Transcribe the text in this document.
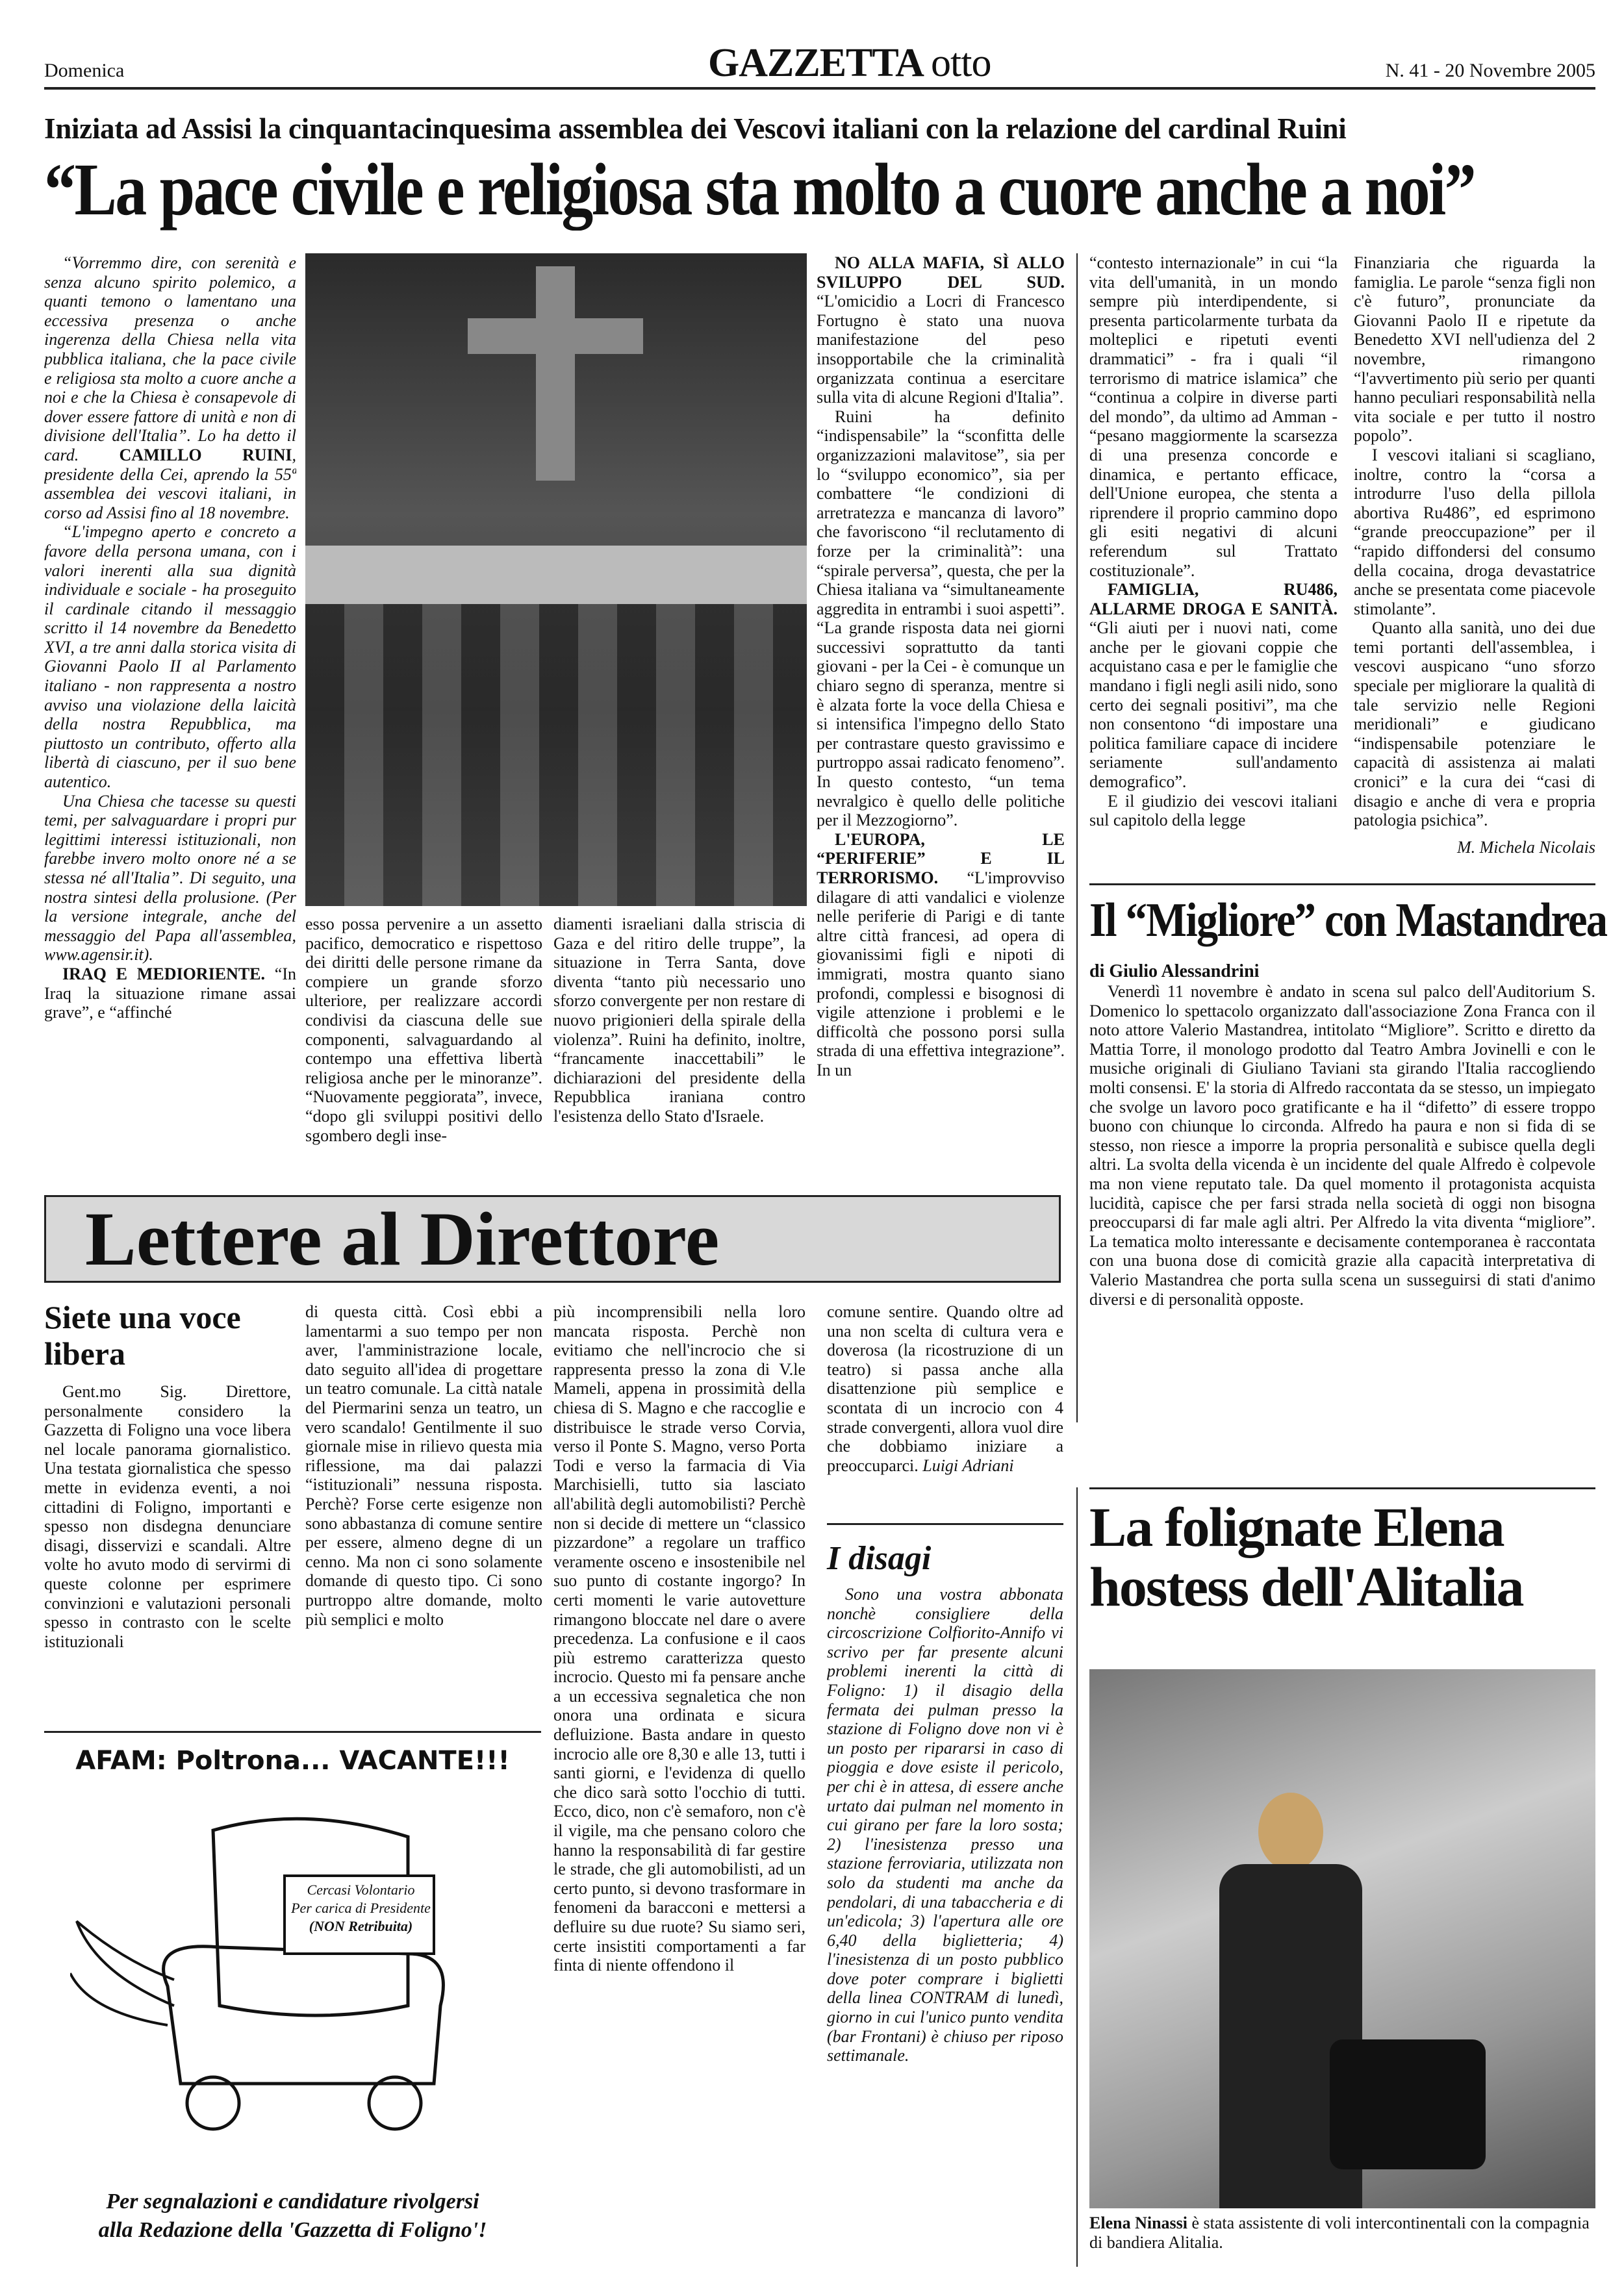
Domenica	GAZZETTA otto	N. 41 - 20 Novembre 2005
Iniziata ad Assisi la cinquantacinquesima assemblea dei Vescovi italiani con la relazione del cardinal Ruini
“La pace civile e religiosa sta molto a cuore anche a noi”

“Vorremmo dire, con serenità e senza alcuno spirito polemico, a quanti temono o lamentano una eccessiva presenza o anche ingerenza della Chiesa nella vita pubblica italiana, che la pace civile e religiosa sta molto a cuore anche a noi e che la Chiesa è consapevole di dover essere fattore di unità e non di divisione dell'Italia”. Lo ha detto il card. CAMILLO RUINI, presidente della Cei, aprendo la 55ª assemblea dei vescovi italiani, in corso ad Assisi fino al 18 novembre.

“L'impegno aperto e concreto a favore della persona umana, con i valori inerenti alla sua dignità individuale e sociale - ha proseguito il cardinale citando il messaggio scritto il 14 novembre da Benedetto XVI, a tre anni dalla storica visita di Giovanni Paolo II al Parlamento italiano - non rappresenta a nostro avviso una violazione della laicità della nostra Repubblica, ma piuttosto un contributo, offerto alla libertà di ciascuno, per il suo bene autentico.

Una Chiesa che tacesse su questi temi, per salvaguardare i propri pur legittimi interessi istituzionali, non farebbe invero molto onore né a se stessa né all'Italia”. Di seguito, una nostra sintesi della prolusione. (Per la versione integrale, anche del messaggio del Papa all'assemblea, www.agensir.it).

IRAQ E MEDIORIENTE. “In Iraq la situazione rimane assai grave”, e “affinché

esso possa pervenire a un assetto pacifico, democratico e rispettoso dei diritti delle persone rimane da compiere un grande sforzo ulteriore, per realizzare accordi condivisi da ciascuna delle sue componenti, salvaguardando al contempo una effettiva libertà religiosa anche per le minoranze”. “Nuovamente peggiorata”, invece, “dopo gli sviluppi positivi dello sgombero degli inse-

diamenti israeliani dalla striscia di Gaza e del ritiro delle truppe”, la situazione in Terra Santa, dove diventa “tanto più necessario uno sforzo convergente per non restare di nuovo prigionieri della spirale della violenza”. Ruini ha definito, inoltre, “francamente inaccettabili” le dichiarazioni del presidente della Repubblica iraniana contro l'esistenza dello Stato d'Israele.

NO ALLA MAFIA, SÌ ALLO SVILUPPO DEL SUD. “L'omicidio a Locri di Francesco Fortugno è stato una nuova manifestazione del peso insopportabile che la criminalità organizzata continua a esercitare sulla vita di alcune Regioni d'Italia”.

Ruini ha definito “indispensabile” la “sconfitta delle organizzazioni malavitose”, sia per lo “sviluppo economico”, sia per combattere “le condizioni di arretratezza e mancanza di lavoro” che favoriscono “il reclutamento di forze per la criminalità”: una “spirale perversa”, questa, che per la Chiesa italiana va “simultaneamente aggredita in entrambi i suoi aspetti”. “La grande risposta data nei giorni successivi soprattutto da tanti giovani - per la Cei - è comunque un chiaro segno di speranza, mentre si è alzata forte la voce della Chiesa e si intensifica l'impegno dello Stato per contrastare questo gravissimo e purtroppo assai radicato fenomeno”. In questo contesto, “un tema nevralgico è quello delle politiche per il Mezzogiorno”.

L'EUROPA, LE “PERIFERIE” E IL TERRORISMO. “L'improvviso dilagare di atti vandalici e violenze nelle periferie di Parigi e di tante altre città francesi, ad opera di giovanissimi figli e nipoti di immigrati, mostra quanto siano profondi, complessi e bisognosi di vigile attenzione i problemi e le difficoltà che possono porsi sulla strada di una effettiva integrazione”. In un

“contesto internazionale” in cui “la vita dell'umanità, in un mondo sempre più interdipendente, si presenta particolarmente turbata da molteplici e ripetuti eventi drammatici” - fra i quali “il terrorismo di matrice islamica” che “continua a colpire in diverse parti del mondo”, da ultimo ad Amman - “pesano maggiormente la scarsezza di una presenza concorde e dinamica, e pertanto efficace, dell'Unione europea, che stenta a riprendere il proprio cammino dopo gli esiti negativi di alcuni referendum sul Trattato costituzionale”.

FAMIGLIA, RU486, ALLARME DROGA E SANITÀ. “Gli aiuti per i nuovi nati, come anche per le giovani coppie che acquistano casa e per le famiglie che mandano i figli negli asili nido, sono certo dei segnali positivi”, ma che non consentono “di impostare una politica familiare capace di incidere seriamente sull'andamento demografico”.

E il giudizio dei vescovi italiani sul capitolo della legge

Finanziaria che riguarda la famiglia. Le parole “senza figli non c'è futuro”, pronunciate da Giovanni Paolo II e ripetute da Benedetto XVI nell'udienza del 2 novembre, rimangono “l'avvertimento più serio per quanti hanno peculiari responsabilità nella vita sociale e per tutto il nostro popolo”.

I vescovi italiani si scagliano, inoltre, contro la “corsa a introdurre l'uso della pillola abortiva Ru486”, ed esprimono “grande preoccupazione” per il “rapido diffondersi del consumo della cocaina, droga devastatrice anche se presentata come piacevole stimolante”.

Quanto alla sanità, uno dei due temi portanti dell'assemblea, i vescovi auspicano “uno sforzo speciale per migliorare la qualità di tale servizio nelle Regioni meridionali” e giudicano “indispensabile potenziare le capacità di assistenza ai malati cronici” e la cura dei “casi di disagio e anche di vera e propria patologia psichica”.

M. Michela Nicolais
Il “Migliore” con Mastandrea
di Giulio Alessandrini

Venerdì 11 novembre è andato in scena sul palco dell'Auditorium S. Domenico lo spettacolo organizzato dall'associazione Zona Franca con il noto attore Valerio Mastandrea, intitolato “Migliore”. Scritto e diretto da Mattia Torre, il monologo prodotto dal Teatro Ambra Jovinelli e con le musiche originali di Giuliano Taviani sta girando l'Italia raccogliendo molti consensi. E' la storia di Alfredo raccontata da se stesso, un impiegato che svolge un lavoro poco gratificante e ha il “difetto” di essere troppo buono con chiunque lo circonda. Alfredo ha paura e non si fida di se stesso, non riesce a imporre la propria personalità e subisce quella degli altri. La svolta della vicenda è un incidente del quale Alfredo è colpevole ma non viene reputato tale. Da quel momento il protagonista acquista lucidità, capisce che per farsi strada nella società di oggi non bisogna preoccuparsi di far male agli altri. Per Alfredo la vita diventa “migliore”. La tematica molto interessante e decisamente contemporanea è raccontata con una buona dose di comicità grazie alla capacità interpretativa di Valerio Mastandrea che porta sulla scena un susseguirsi di stati d'animo diversi e di personalità opposte.

Lettere al Direttore
Siete una voce libera

Gent.mo Sig. Direttore, personalmente considero la Gazzetta di Foligno una voce libera nel locale panorama giornalistico. Una testata giornalistica che spesso mette in evidenza eventi, a noi cittadini di Foligno, importanti e spesso non disdegna denunciare disagi, disservizi e scandali. Altre volte ho avuto modo di servirmi di queste colonne per esprimere convinzioni e valutazioni personali spesso in contrasto con le scelte istituzionali

di questa città. Così ebbi a lamentarmi a suo tempo per non aver, l'amministrazione locale, dato seguito all'idea di progettare un teatro comunale. La città natale del Piermarini senza un teatro, un vero scandalo! Gentilmente il suo giornale mise in rilievo questa mia riflessione, ma dai palazzi “istituzionali” nessuna risposta. Perchè? Forse certe esigenze non sono abbastanza di comune sentire per essere, almeno degne di un cenno. Ma non ci sono solamente domande di questo tipo. Ci sono purtroppo altre domande, molto più semplici e molto

più incomprensibili nella loro mancata risposta. Perchè non evitiamo che nell'incrocio che si rappresenta presso la zona di V.le Mameli, appena in prossimità della chiesa di S. Magno e che raccoglie e distribuisce le strade verso Corvia, verso il Ponte S. Magno, verso Porta Todi e verso la farmacia di Via Marchisielli, tutto sia lasciato all'abilità degli automobilisti? Perchè non si decide di mettere un “classico pizzardone” a regolare un traffico veramente osceno e insostenibile nel suo punto di costante ingorgo? In certi momenti le varie autovetture rimangono bloccate nel dare o avere precedenza. La confusione e il caos più estremo caratterizza questo incrocio. Questo mi fa pensare anche a un eccessiva segnaletica che non onora una ordinata e sicura defluizione. Basta andare in questo incrocio alle ore 8,30 e alle 13, tutti i santi giorni, e l'evidenza di quello che dico sarà sotto l'occhio di tutti. Ecco, dico, non c'è semaforo, non c'è il vigile, ma che pensano coloro che hanno la responsabilità di far gestire le strade, che gli automobilisti, ad un certo punto, si devono trasformare in fenomeni da baracconi e mettersi a defluire su due ruote? Su siamo seri, certe insistiti comportamenti a far finta di niente offendono il

comune sentire. Quando oltre ad una non scelta di cultura vera e doverosa (la ricostruzione di un teatro) si passa anche alla disattenzione più semplice e scontata di un incrocio con 4 strade convergenti, allora vuol dire che dobbiamo iniziare a preoccuparci. Luigi Adriani

I disagi

Sono una vostra abbonata nonchè consigliere della circoscrizione Colfiorito-Annifo vi scrivo per far presente alcuni problemi inerenti la città di Foligno: 1) il disagio della fermata dei pulman presso la stazione di Foligno dove non vi è un posto per ripararsi in caso di pioggia e dove esiste il pericolo, per chi è in attesa, di essere anche urtato dai pulman nel momento in cui girano per fare la loro sosta; 2) l'inesistenza presso una stazione ferroviaria, utilizzata non solo da studenti ma anche da pendolari, di una tabaccheria e di un'edicola; 3) l'apertura alle ore 6,40 della biglietteria; 4) l'inesistenza di un posto pubblico dove poter comprare i biglietti della linea CONTRAM di lunedì, giorno in cui l'unico punto vendita (bar Frontani) è chiuso per riposo settimanale.

AFAM: Poltrona... VACANTE!!!
Cercasi Volontario
Per carica di Presidente
(NON Retribuita)
Per segnalazioni e candidature rivolgersi
alla Redazione della 'Gazzetta di Foligno'!
La folignate Elena hostess dell'Alitalia
Elena Ninassi è stata assistente di voli intercontinentali con la compagnia di bandiera Alitalia.
